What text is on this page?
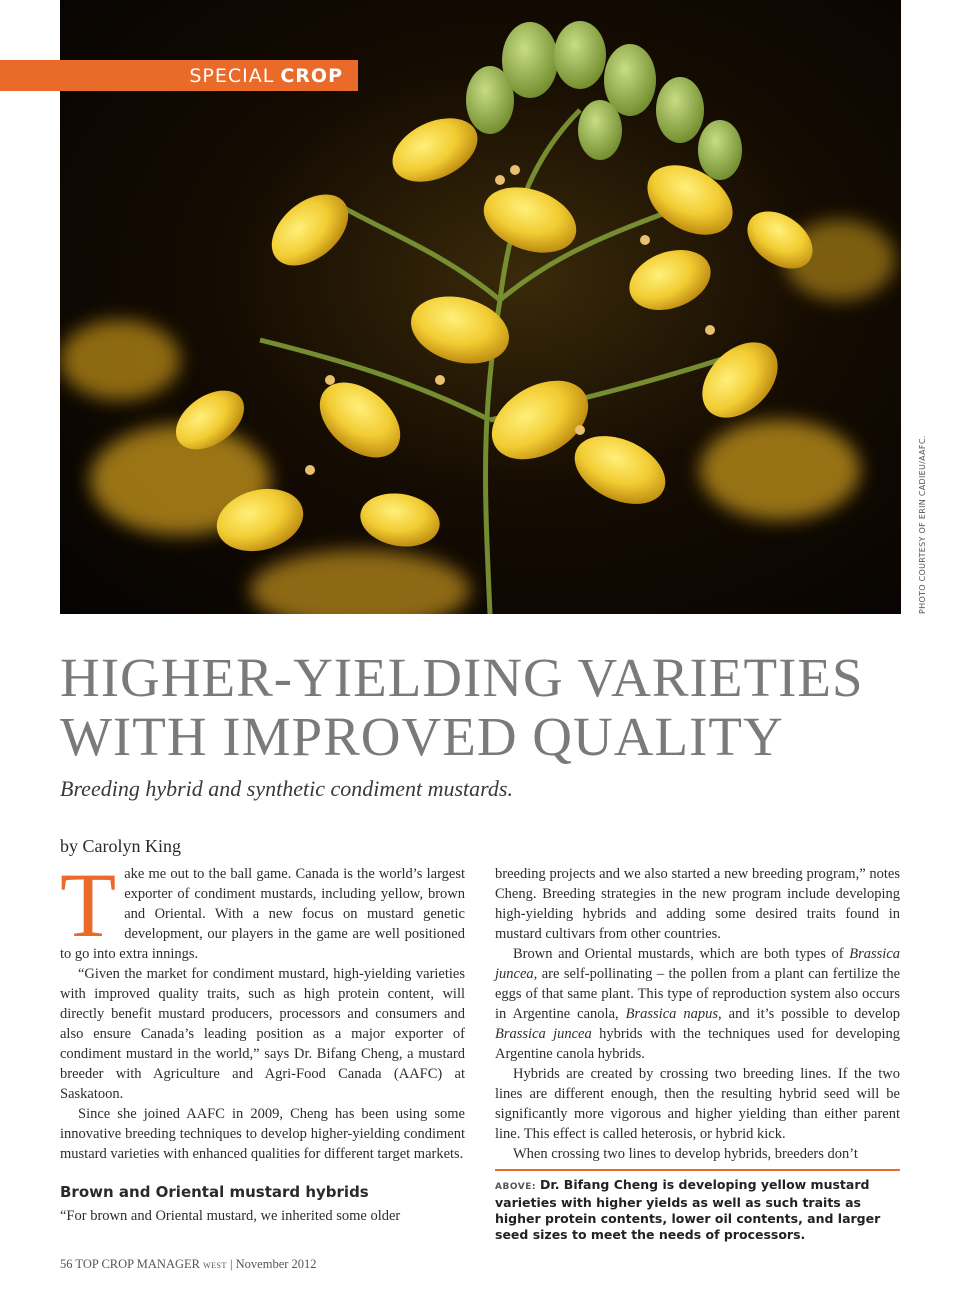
SPECIAL CROP
PHOTO COURTESY OF ERIN CADIEU/AAFC.
HIGHER-YIELDING VARIETIES
WITH IMPROVED QUALITY
Breeding hybrid and synthetic condiment mustards.
by Carolyn King

Take me out to the ball game. Canada is the world’s largest exporter of condiment mustards, including yellow, brown and Oriental. With a new focus on mustard genetic development, our players in the game are well positioned to go into extra innings.

“Given the market for condiment mustard, high-yielding varieties with improved quality traits, such as high protein content, will directly benefit mustard producers, processors and consumers and also ensure Canada’s leading position as a major exporter of condiment mustard in the world,” says Dr. Bifang Cheng, a mustard breeder with Agriculture and Agri-Food Canada (AAFC) at Saskatoon.

Since she joined AAFC in 2009, Cheng has been using some innovative breeding techniques to develop higher-yielding condiment mustard varieties with enhanced qualities for different target markets.

Brown and Oriental mustard hybrids

“For brown and Oriental mustard, we inherited some older

breeding projects and we also started a new breeding program,” notes Cheng. Breeding strategies in the new program include developing high-yielding hybrids and adding some desired traits found in mustard cultivars from other countries.

Brown and Oriental mustards, which are both types of Brassica juncea, are self-pollinating – the pollen from a plant can fertilize the eggs of that same plant. This type of reproduction system also occurs in Argentine canola, Brassica napus, and it’s possible to develop Brassica juncea hybrids with the techniques used for developing Argentine canola hybrids.

Hybrids are created by crossing two breeding lines. If the two lines are different enough, then the resulting hybrid seed will be significantly more vigorous and higher yielding than either parent line. This effect is called heterosis, or hybrid kick.

When crossing two lines to develop hybrids, breeders don’t

ABOVE: Dr. Bifang Cheng is developing yellow mustard varieties with higher yields as well as such traits as higher protein contents, lower oil contents, and larger seed sizes to meet the needs of processors.
56 TOP CROP MANAGER WEST | November 2012
